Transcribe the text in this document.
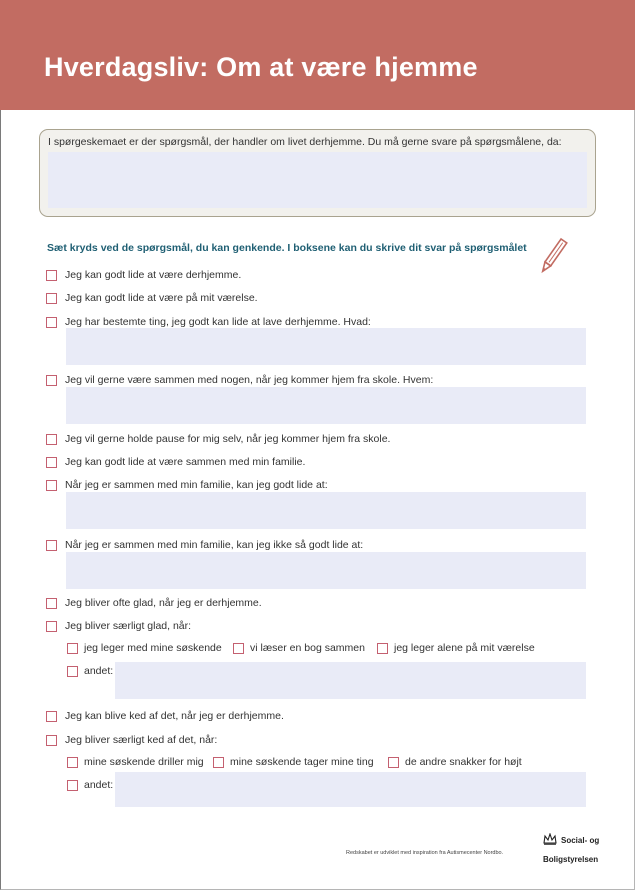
Hverdagsliv: Om at være hjemme
I spørgeskemaet er der spørgsmål, der handler om livet derhjemme. Du må gerne svare på spørgsmålene, da:
Sæt kryds ved de spørgsmål, du kan genkende. I boksene kan du skrive dit svar på spørgsmålet
Jeg kan godt lide at være derhjemme.
Jeg kan godt lide at være på mit værelse.
Jeg har bestemte ting, jeg godt kan lide at lave derhjemme. Hvad:
Jeg vil gerne være sammen med nogen, når jeg kommer hjem fra skole. Hvem:
Jeg vil gerne holde pause for mig selv, når jeg kommer hjem fra skole.
Jeg kan godt lide at være sammen med min familie.
Når jeg er sammen med min familie, kan jeg godt lide at:
Når jeg er sammen med min familie, kan jeg ikke så godt lide at:
Jeg bliver ofte glad, når jeg er derhjemme.
Jeg bliver særligt glad, når:
jeg leger med mine søskende	vi læser en bog sammen	jeg leger alene på mit værelse
andet:
Jeg kan blive ked af det, når jeg er derhjemme.
Jeg bliver særligt ked af det, når:
mine søskende driller mig	mine søskende tager mine ting	de andre snakker for højt
andet:
Redskabet er udviklet med inspiration fra Autismecenter Nordbo.
Social- og
Boligstyrelsen
